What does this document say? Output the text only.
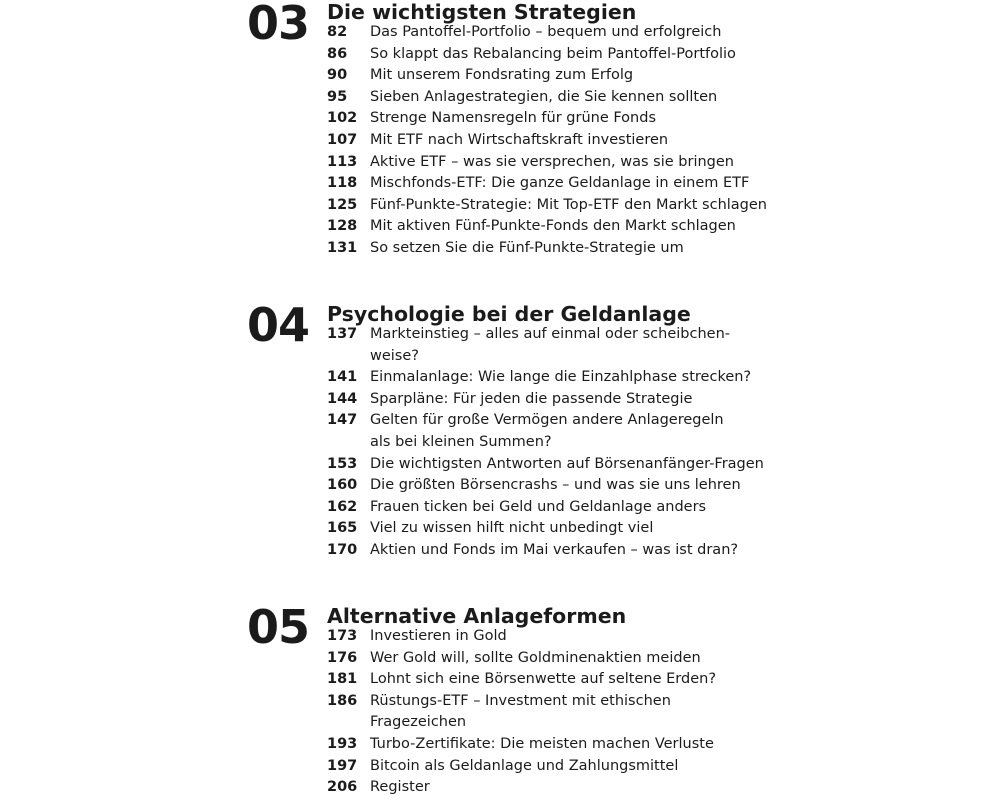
03 Die wichtigsten Strategien
82	Das Pantoffel-Portfolio – bequem und erfolgreich
86	So klappt das Rebalancing beim Pantoffel-Portfolio
90	Mit unserem Fondsrating zum Erfolg
95	Sieben Anlagestrategien, die Sie kennen sollten
102 Strenge Namensregeln für grüne Fonds
107 Mit ETF nach Wirtschaftskraft investieren
113 Aktive ETF – was sie versprechen, was sie bringen
118 Mischfonds-ETF: Die ganze Geldanlage in einem ETF
125 Fünf-Punkte-Strategie: Mit Top-ETF den Markt schlagen
128 Mit aktiven Fünf-Punkte-Fonds den Markt schlagen
131 So setzen Sie die Fünf-Punkte-Strategie um
04 Psychologie bei der Geldanlage
137 Markteinstieg – alles auf einmal oder scheibchen-weise?
141 Einmalanlage: Wie lange die Einzahlphase strecken?
144 Sparpläne: Für jeden die passende Strategie
147 Gelten für große Vermögen andere Anlageregeln als bei kleinen Summen?
153 Die wichtigsten Antworten auf Börsenanfänger-Fragen
160 Die größten Börsencrashs – und was sie uns lehren
162 Frauen ticken bei Geld und Geldanlage anders
165 Viel zu wissen hilft nicht unbedingt viel
170 Aktien und Fonds im Mai verkaufen – was ist dran?
05 Alternative Anlageformen
173 Investieren in Gold
176 Wer Gold will, sollte Goldminenaktien meiden
181 Lohnt sich eine Börsenwette auf seltene Erden?
186 Rüstungs-ETF – Investment mit ethischen Fragezeichen
193 Turbo-Zertifikate: Die meisten machen Verluste
197 Bitcoin als Geldanlage und Zahlungsmittel
206 Register
